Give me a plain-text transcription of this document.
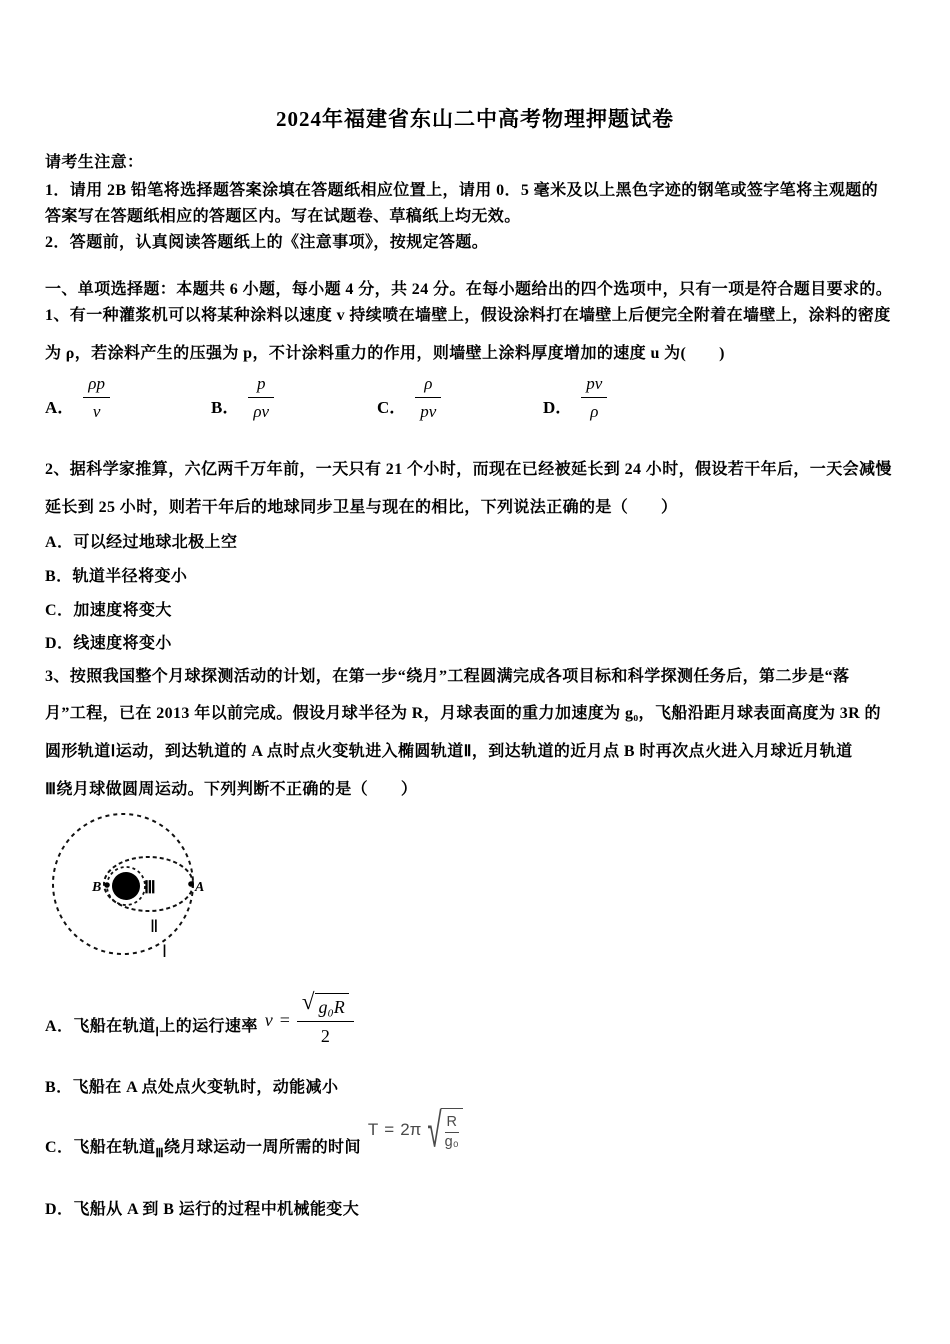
2024年福建省东山二中高考物理押题试卷
请考生注意：
1．请用 2B 铅笔将选择题答案涂填在答题纸相应位置上，请用 0．5 毫米及以上黑色字迹的钢笔或签字笔将主观题的
答案写在答题纸相应的答题区内。写在试题卷、草稿纸上均无效。
2．答题前，认真阅读答题纸上的《注意事项》，按规定答题。
一、单项选择题：本题共 6 小题，每小题 4 分，共 24 分。在每小题给出的四个选项中，只有一项是符合题目要求的。
1、有一种灌浆机可以将某种涂料以速度 v 持续喷在墙壁上，假设涂料打在墙壁上后便完全附着在墙壁上，涂料的密度
为 ρ，若涂料产生的压强为 p，不计涂料重力的作用，则墙壁上涂料厚度增加的速度 u 为(　　)
A． $\frac{\rho p}{v}$	B． $\frac{p}{\rho v}$	C． $\frac{\rho}{pv}$	D． $\frac{pv}{\rho}$
2、据科学家推算，六亿两千万年前，一天只有 21 个小时，而现在已经被延长到 24 小时，假设若干年后，一天会减慢
延长到 25 小时，则若干年后的地球同步卫星与现在的相比，下列说法正确的是（　　）
A．可以经过地球北极上空
B．轨道半径将变小
C．加速度将变大
D．线速度将变小
3、按照我国整个月球探测活动的计划，在第一步“绕月”工程圆满完成各项目标和科学探测任务后，第二步是“落
月”工程，已在 2013 年以前完成。假设月球半径为 R，月球表面的重力加速度为 g₀，飞船沿距月球表面高度为 3R 的
圆形轨道Ⅰ运动，到达轨道的 A 点时点火变轨进入椭圆轨道Ⅱ，到达轨道的近月点 B 时再次点火进入月球近月轨道
Ⅲ绕月球做圆周运动。下列判断不正确的是（　　）
B	A
Ⅲ
Ⅱ
Ⅰ
A．飞船在轨道$_Ⅰ$上的运行速率 $v = \frac{\text{√ g₀R}}{2}$
B．飞船在 A 点处点火变轨时，动能减小
C．飞船在轨道$_Ⅲ$绕月球运动一周所需的时间
T = 2π √ $\frac{R}{\text{g₀}}$
D．飞船从 A 到 B 运行的过程中机械能变大
